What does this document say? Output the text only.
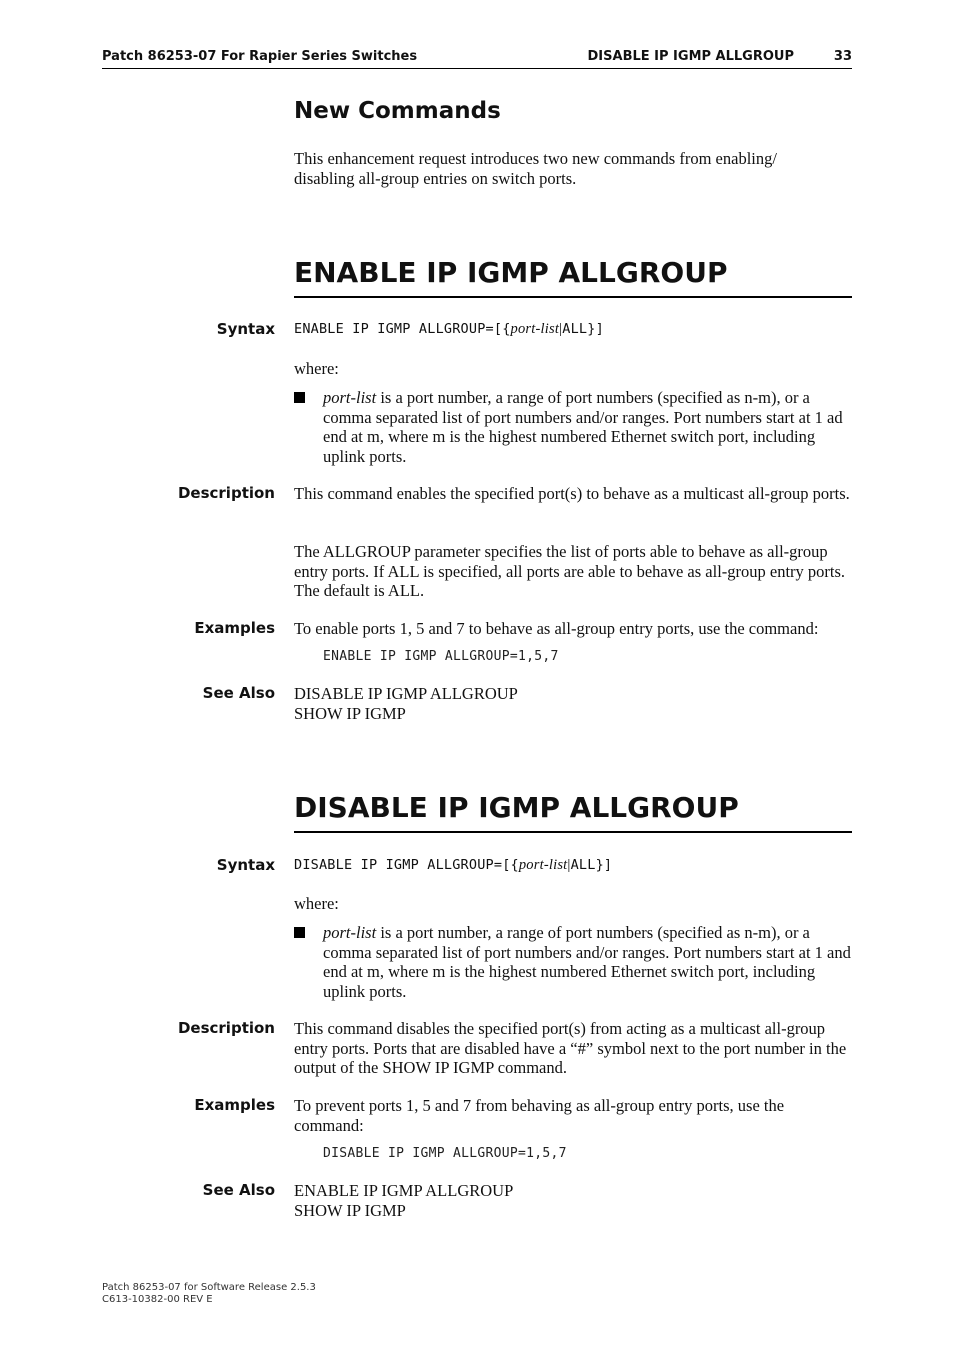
Patch 86253-07 For Rapier Series Switches	DISABLE IP IGMP ALLGROUP	33
New Commands
This enhancement request introduces two new commands from enabling/ disabling all-group entries on switch ports.
ENABLE IP IGMP ALLGROUP
Syntax ENABLE IP IGMP ALLGROUP=[{port-list|ALL}]
where:
port-list is a port number, a range of port numbers (specified as n-m), or a comma separated list of port numbers and/or ranges. Port numbers start at 1 ad end at m, where m is the highest numbered Ethernet switch port, including uplink ports.
Description This command enables the specified port(s) to behave as a multicast all-group ports.
The ALLGROUP parameter specifies the list of ports able to behave as all-group entry ports. If ALL is specified, all ports are able to behave as all-group entry ports. The default is ALL.
Examples To enable ports 1, 5 and 7 to behave as all-group entry ports, use the command:
ENABLE IP IGMP ALLGROUP=1,5,7
See Also DISABLE IP IGMP ALLGROUP
SHOW IP IGMP
DISABLE IP IGMP ALLGROUP
Syntax DISABLE IP IGMP ALLGROUP=[{port-list|ALL}]
where:
port-list is a port number, a range of port numbers (specified as n-m), or a comma separated list of port numbers and/or ranges. Port numbers start at 1 and end at m, where m is the highest numbered Ethernet switch port, including uplink ports.
Description This command disables the specified port(s) from acting as a multicast all-group entry ports. Ports that are disabled have a “#” symbol next to the port number in the output of the SHOW IP IGMP command.
Examples To prevent ports 1, 5 and 7 from behaving as all-group entry ports, use the command:
DISABLE IP IGMP ALLGROUP=1,5,7
See Also ENABLE IP IGMP ALLGROUP
SHOW IP IGMP
Patch 86253-07 for Software Release 2.5.3
C613-10382-00 REV E
